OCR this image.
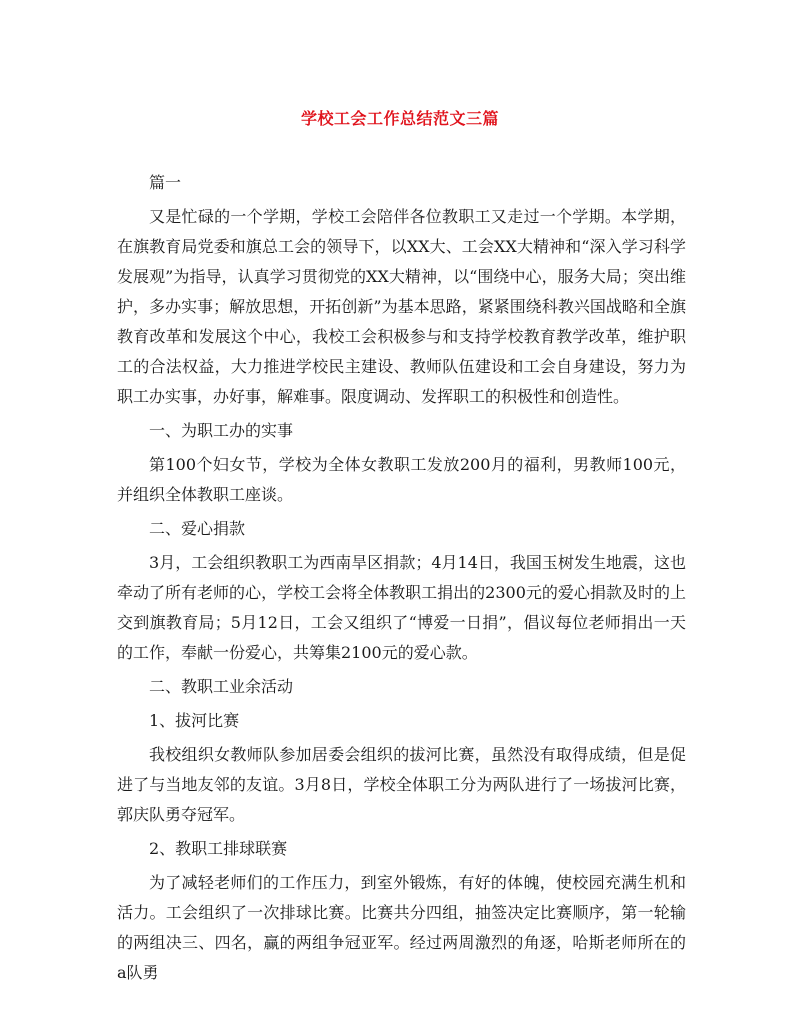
学校工会工作总结范文三篇

篇一

又是忙碌的一个学期，学校工会陪伴各位教职工又走过一个学期。本学期，在旗教育局党委和旗总工会的领导下，以XX大、工会XX大精神和“深入学习科学发展观”为指导，认真学习贯彻党的XX大精神，以“围绕中心，服务大局；突出维护，多办实事；解放思想，开拓创新”为基本思路，紧紧围绕科教兴国战略和全旗教育改革和发展这个中心，我校工会积极参与和支持学校教育教学改革，维护职工的合法权益，大力推进学校民主建设、教师队伍建设和工会自身建设，努力为职工办实事，办好事，解难事。限度调动、发挥职工的积极性和创造性。

一、为职工办的实事

第100个妇女节，学校为全体女教职工发放200月的福利，男教师100元，并组织全体教职工座谈。

二、爱心捐款

3月，工会组织教职工为西南旱区捐款；4月14日，我国玉树发生地震，这也牵动了所有老师的心，学校工会将全体教职工捐出的2300元的爱心捐款及时的上交到旗教育局；5月12日，工会又组织了“博爱一日捐”，倡议每位老师捐出一天的工作，奉献一份爱心，共筹集2100元的爱心款。

二、教职工业余活动

1、拔河比赛

我校组织女教师队参加居委会组织的拔河比赛，虽然没有取得成绩，但是促进了与当地友邻的友谊。3月8日，学校全体职工分为两队进行了一场拔河比赛，郭庆队勇夺冠军。

2、教职工排球联赛

为了减轻老师们的工作压力，到室外锻炼，有好的体魄，使校园充满生机和活力。工会组织了一次排球比赛。比赛共分四组，抽签决定比赛顺序，第一轮输的两组决三、四名，赢的两组争冠亚军。经过两周激烈的角逐，哈斯老师所在的a队勇
